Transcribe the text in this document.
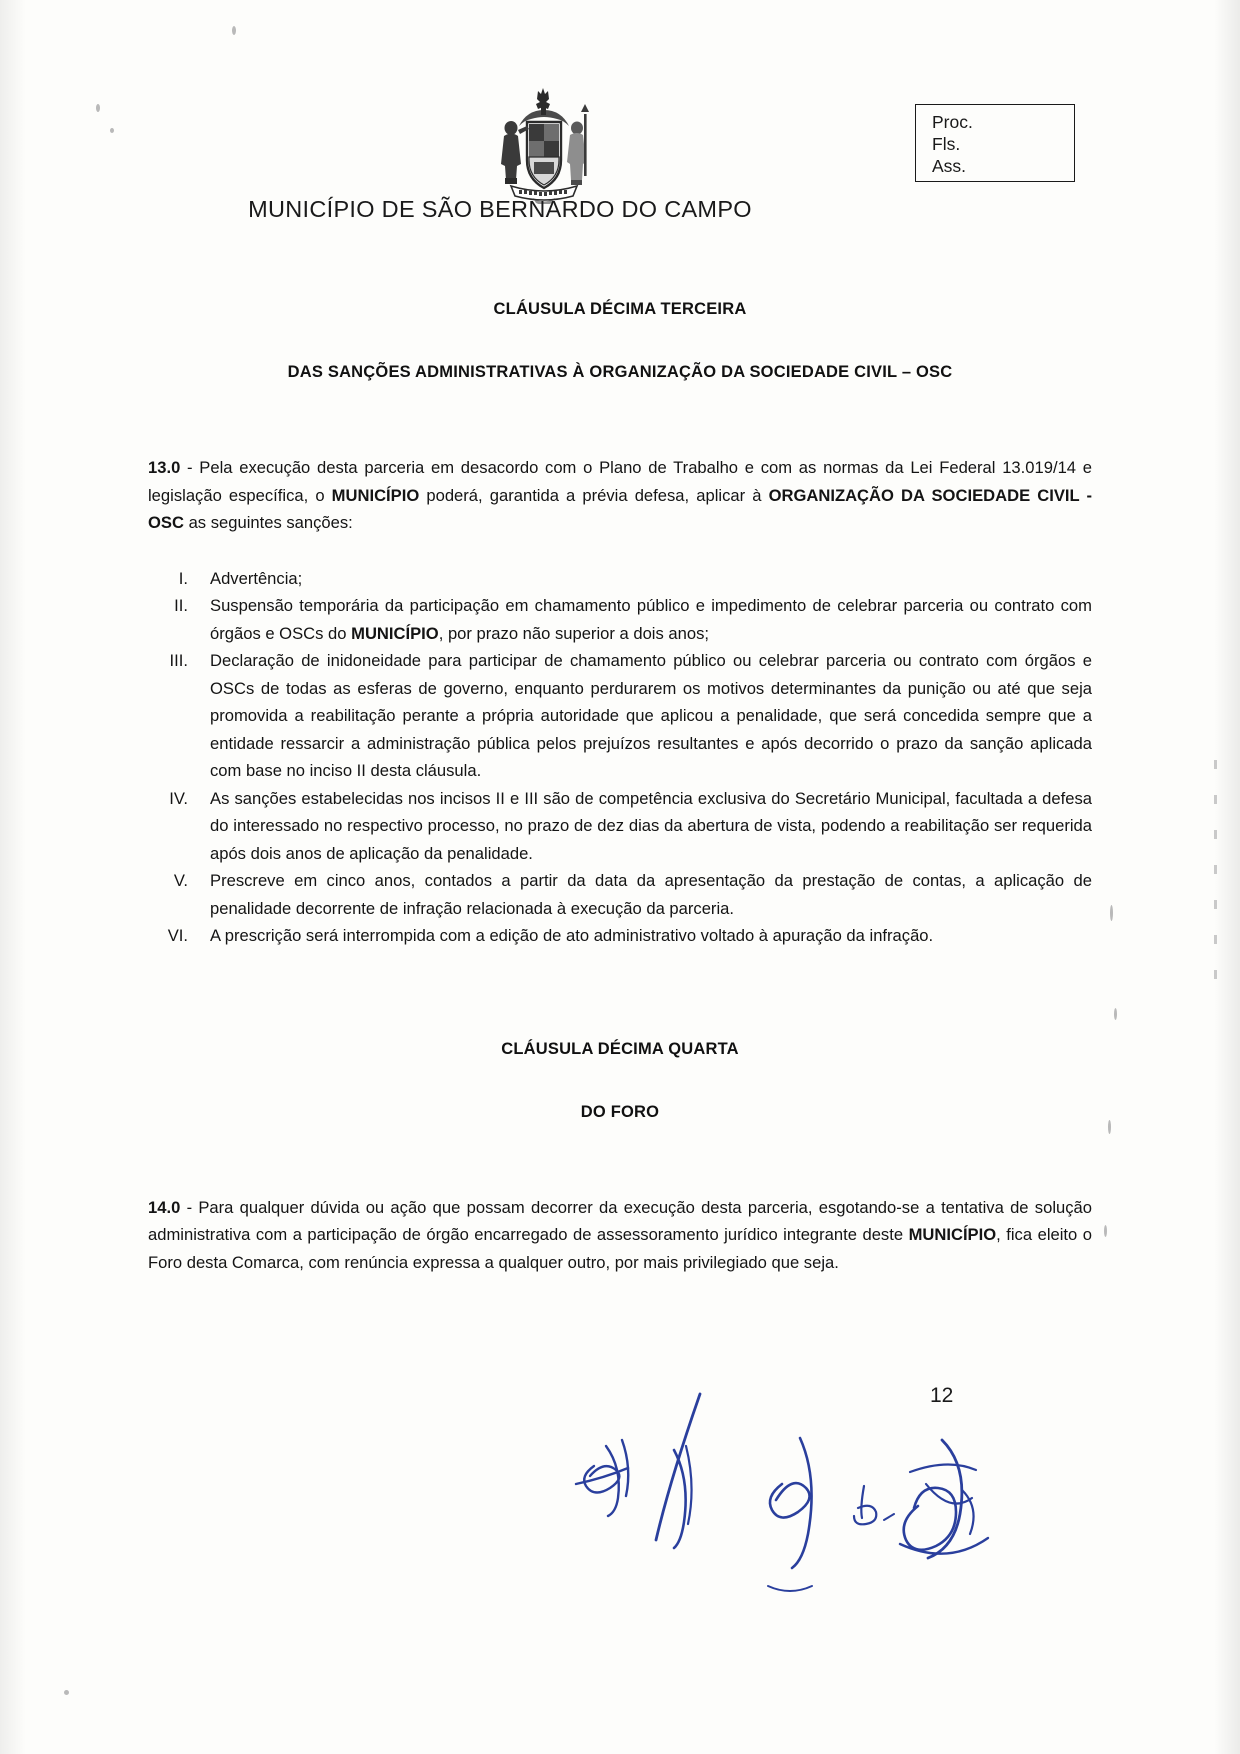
MUNICÍPIO DE SÃO BERNARDO DO CAMPO
Proc.
Fls.
Ass.
CLÁUSULA DÉCIMA TERCEIRA
DAS SANÇÕES ADMINISTRATIVAS À ORGANIZAÇÃO DA SOCIEDADE CIVIL – OSC

13.0 - Pela execução desta parceria em desacordo com o Plano de Trabalho e com as normas da Lei Federal 13.019/14 e legislação específica, o MUNICÍPIO poderá, garantida a prévia defesa, aplicar à ORGANIZAÇÃO DA SOCIEDADE CIVIL - OSC as seguintes sanções:

I.	Advertência;
II.	Suspensão temporária da participação em chamamento público e impedimento de celebrar parceria ou contrato com órgãos e OSCs do MUNICÍPIO, por prazo não superior a dois anos;
III.	Declaração de inidoneidade para participar de chamamento público ou celebrar parceria ou contrato com órgãos e OSCs de todas as esferas de governo, enquanto perdurarem os motivos determinantes da punição ou até que seja promovida a reabilitação perante a própria autoridade que aplicou a penalidade, que será concedida sempre que a entidade ressarcir a administração pública pelos prejuízos resultantes e após decorrido o prazo da sanção aplicada com base no inciso II desta cláusula.
IV.	As sanções estabelecidas nos incisos II e III são de competência exclusiva do Secretário Municipal, facultada a defesa do interessado no respectivo processo, no prazo de dez dias da abertura de vista, podendo a reabilitação ser requerida após dois anos de aplicação da penalidade.
V.	Prescreve em cinco anos, contados a partir da data da apresentação da prestação de contas, a aplicação de penalidade decorrente de infração relacionada à execução da parceria.
VI.	A prescrição será interrompida com a edição de ato administrativo voltado à apuração da infração.
CLÁUSULA DÉCIMA QUARTA
DO FORO

14.0 - Para qualquer dúvida ou ação que possam decorrer da execução desta parceria, esgotando-se a tentativa de solução administrativa com a participação de órgão encarregado de assessoramento jurídico integrante deste MUNICÍPIO, fica eleito o Foro desta Comarca, com renúncia expressa a qualquer outro, por mais privilegiado que seja.

12
